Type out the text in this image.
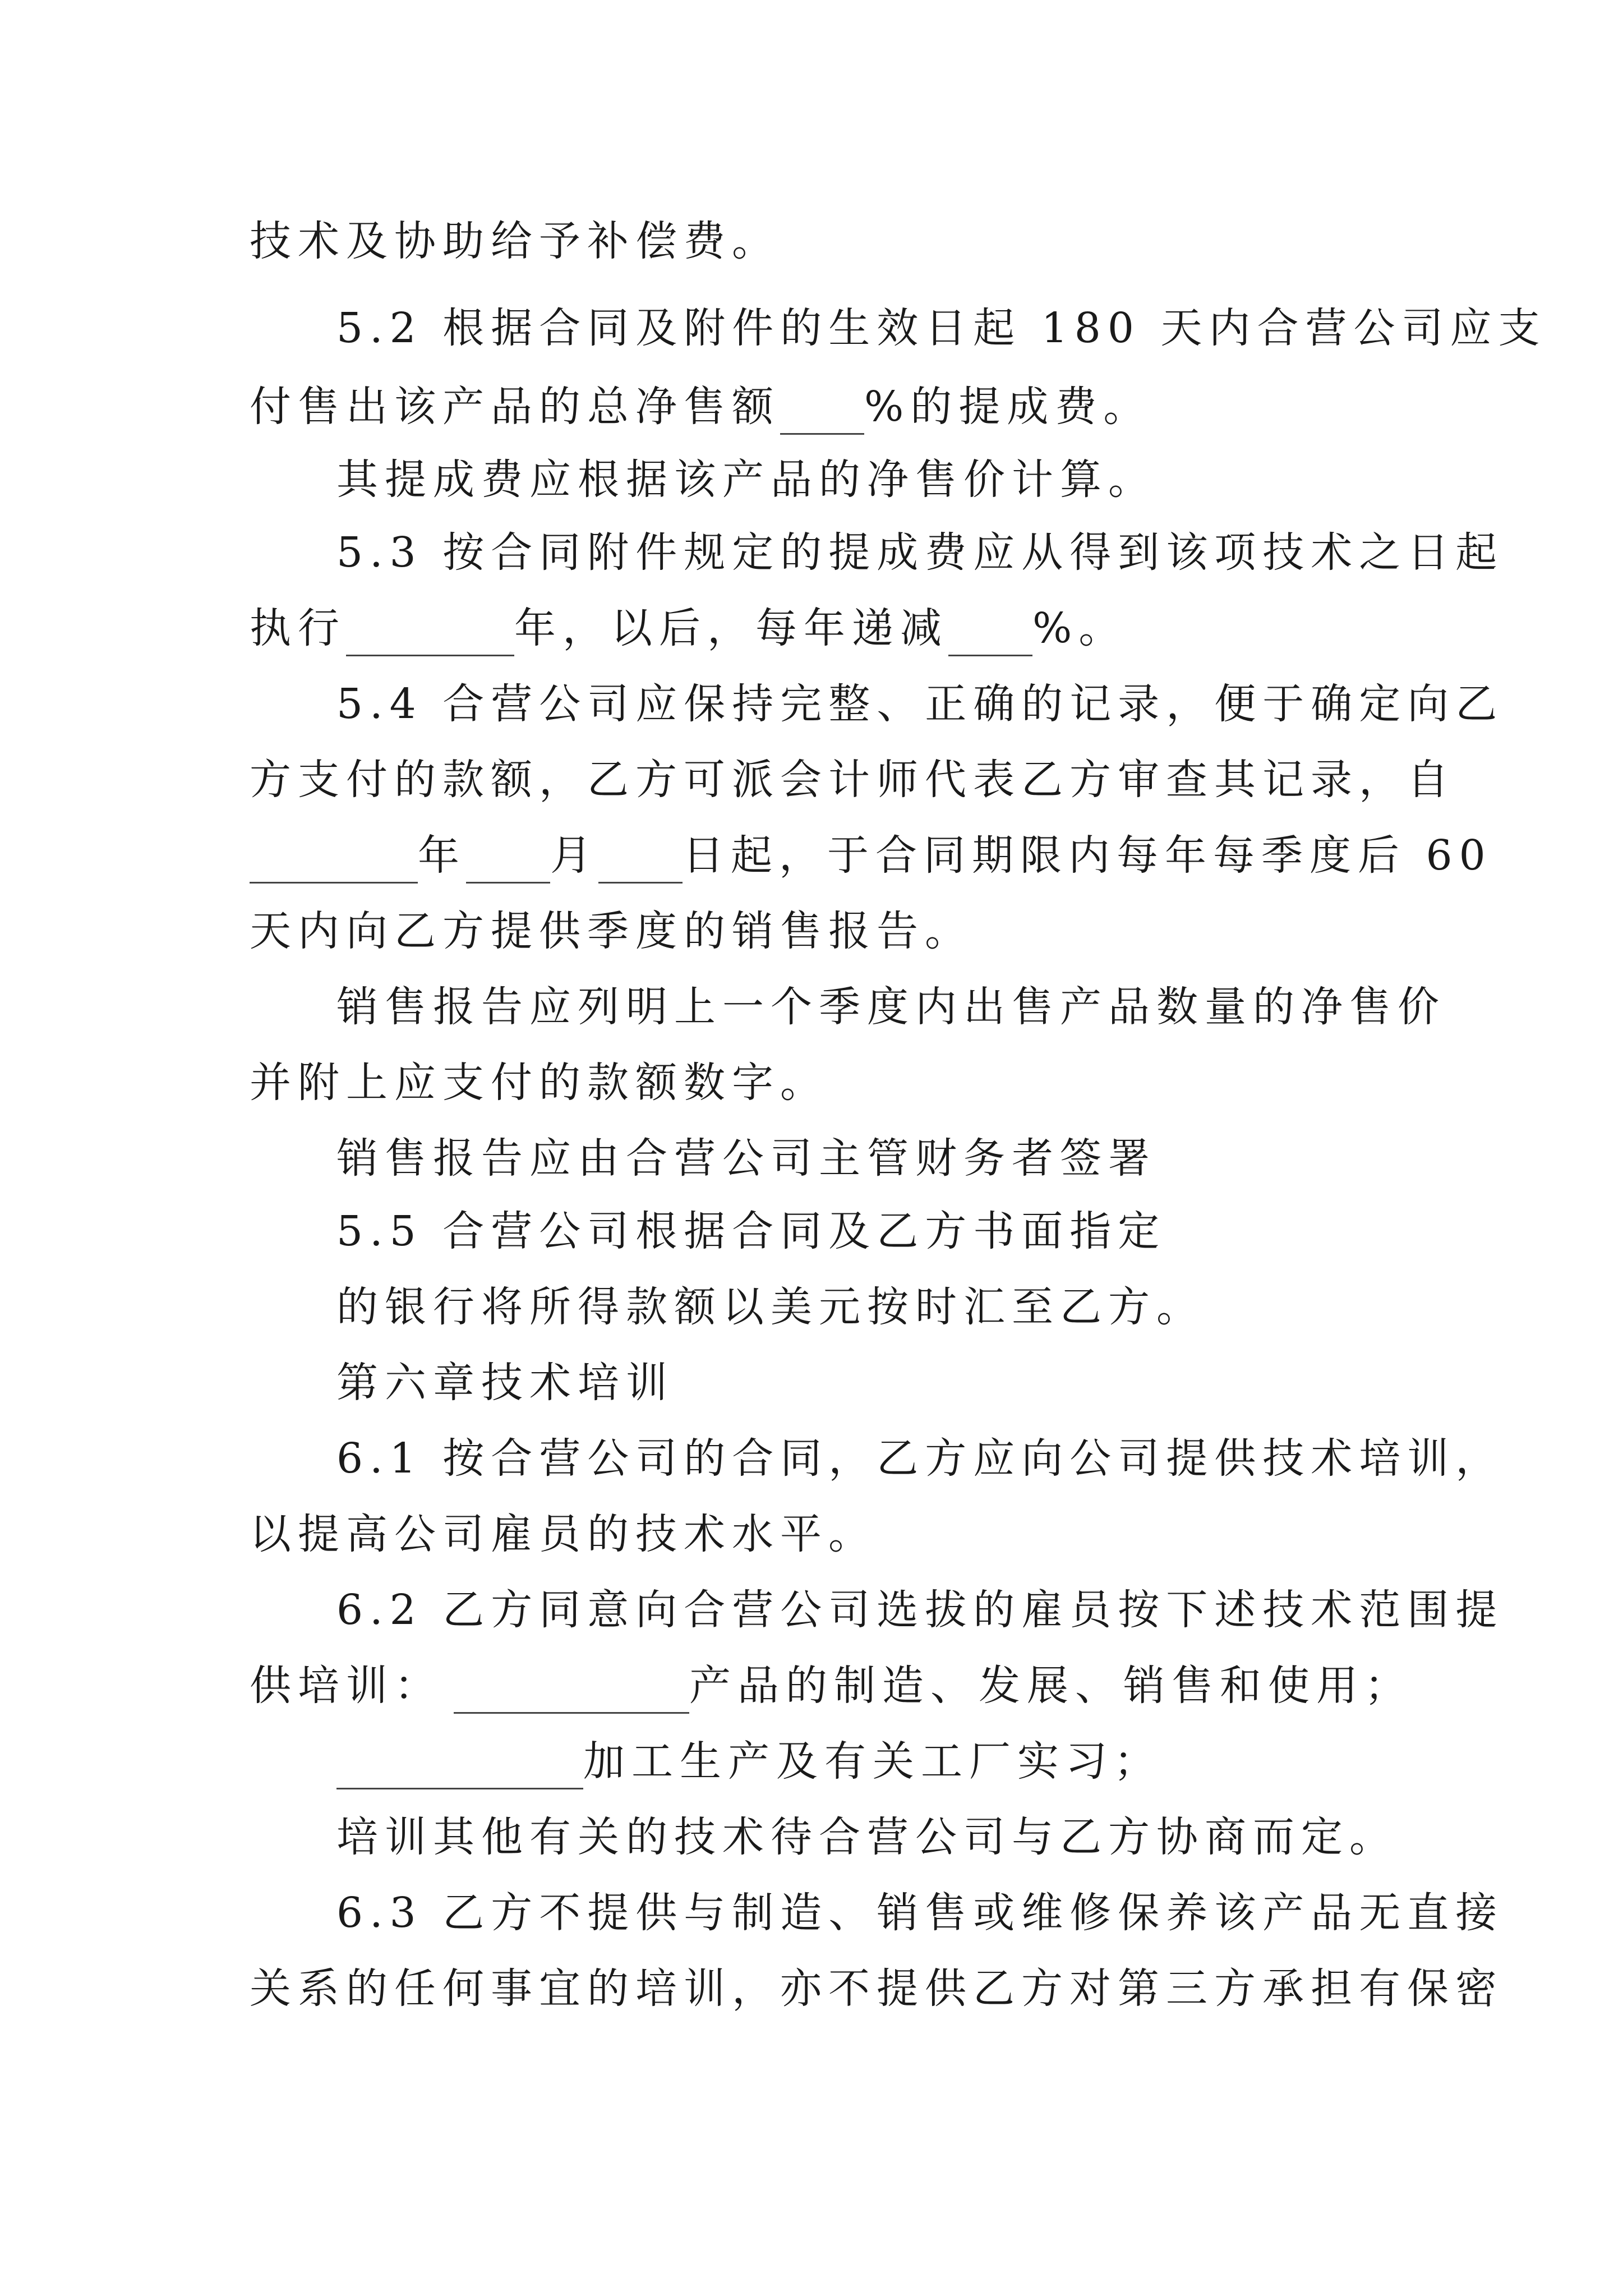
技术及协助给予补偿费。
5.2 根据合同及附件的生效日起 180 天内合营公司应支
付售出该产品的总净售额 %的提成费。
其提成费应根据该产品的净售价计算。
5.3 按合同附件规定的提成费应从得到该项技术之日起
执行	年，以后，每年递减 %。
5.4 合营公司应保持完整、正确的记录，便于确定向乙
方支付的款额，乙方可派会计师代表乙方审查其记录，自
年 月 日起，于合同期限内每年每季度后 60
天内向乙方提供季度的销售报告。
销售报告应列明上一个季度内出售产品数量的净售价
并附上应支付的款额数字。
销售报告应由合营公司主管财务者签署
5.5 合营公司根据合同及乙方书面指定
的银行将所得款额以美元按时汇至乙方。
第六章技术培训
6.1 按合营公司的合同，乙方应向公司提供技术培训，
以提高公司雇员的技术水平。
6.2 乙方同意向合营公司选拔的雇员按下述技术范围提
供培训：	产品的制造、发展、销售和使用；
加工生产及有关工厂实习；
培训其他有关的技术待合营公司与乙方协商而定。
6.3 乙方不提供与制造、销售或维修保养该产品无直接
关系的任何事宜的培训，亦不提供乙方对第三方承担有保密
